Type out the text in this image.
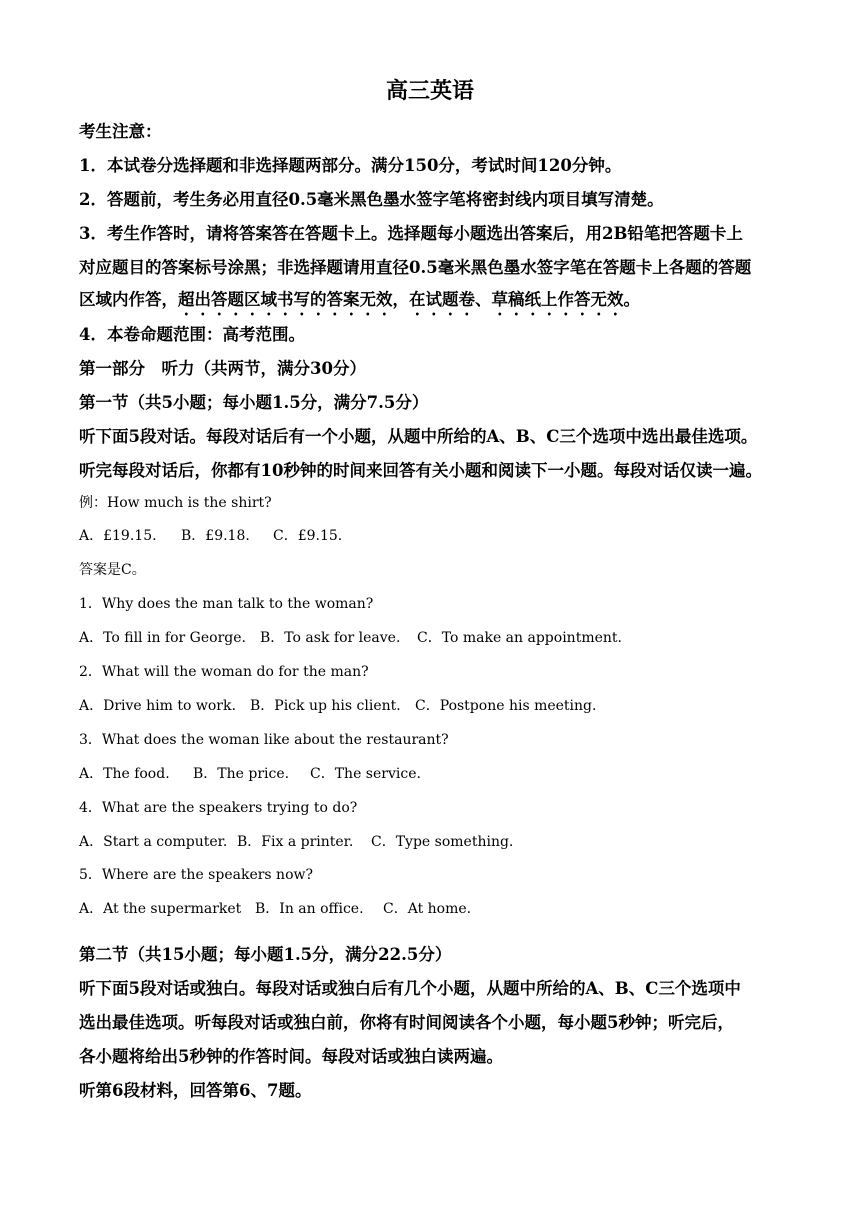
高三英语
考生注意：
1．本试卷分选择题和非选择题两部分。满分150分，考试时间120分钟。
2．答题前，考生务必用直径0.5毫米黑色墨水签字笔将密封线内项目填写清楚。
3．考生作答时，请将答案答在答题卡上。选择题每小题选出答案后，用2B铅笔把答题卡上
对应题目的答案标号涂黑；非选择题请用直径0.5毫米黑色墨水签字笔在答题卡上各题的答题
区域内作答，超出答题区域书写的答案无效，在试题卷、草稿纸上作答无效。
4．本卷命题范围：高考范围。
第一部分　听力（共两节，满分30分）
第一节（共5小题；每小题1.5分，满分7.5分）
听下面5段对话。每段对话后有一个小题，从题中所给的A、B、C三个选项中选出最佳选项。
听完每段对话后，你都有10秒钟的时间来回答有关小题和阅读下一小题。每段对话仅读一遍。
例：How much is the shirt?
A．£19.15. B．£9.18. C．£9.15.
答案是C。
1．Why does the man talk to the woman?
A．To fill in for George. B．To ask for leave. C．To make an appointment.
2．What will the woman do for the man?
A．Drive him to work. B．Pick up his client. C．Postpone his meeting.
3．What does the woman like about the restaurant?
A．The food. B．The price. C．The service.
4．What are the speakers trying to do?
A．Start a computer. B．Fix a printer. C．Type something.
5．Where are the speakers now?
A．At the supermarket B．In an office. C．At home.
第二节（共15小题；每小题1.5分，满分22.5分）
听下面5段对话或独白。每段对话或独白后有几个小题，从题中所给的A、B、C三个选项中
选出最佳选项。听每段对话或独白前，你将有时间阅读各个小题，每小题5秒钟；听完后，
各小题将给出5秒钟的作答时间。每段对话或独白读两遍。
听第6段材料，回答第6、7题。
